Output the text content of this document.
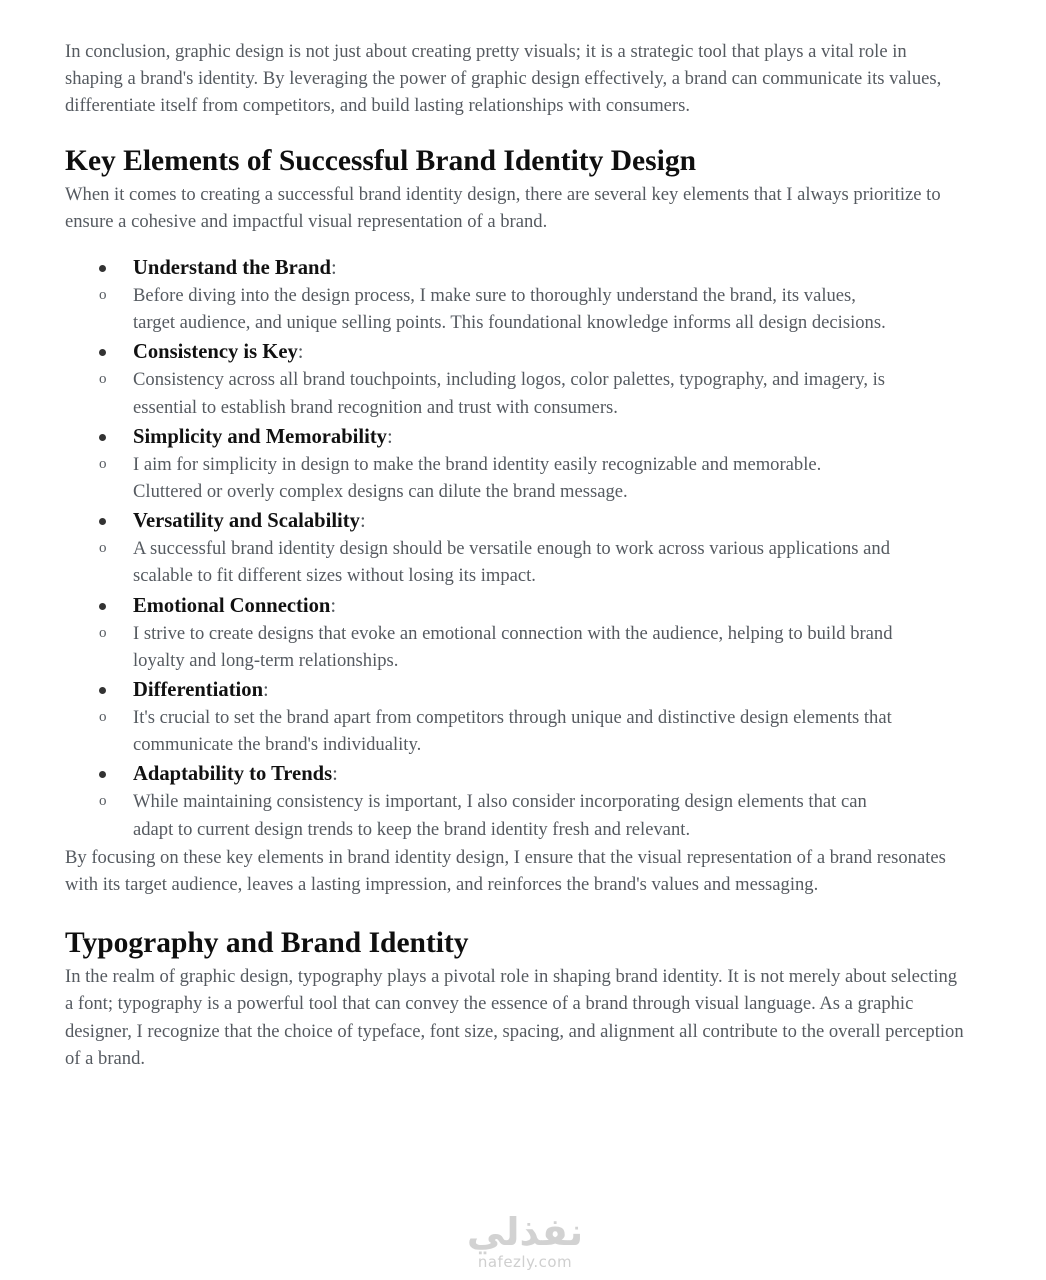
In conclusion, graphic design is not just about creating pretty visuals; it is a strategic tool that plays a vital role in shaping a brand's identity. By leveraging the power of graphic design effectively, a brand can communicate its values, differentiate itself from competitors, and build lasting relationships with consumers.

Key Elements of Successful Brand Identity Design

When it comes to creating a successful brand identity design, there are several key elements that I always prioritize to ensure a cohesive and impactful visual representation of a brand.

Understand the Brand:
o Before diving into the design process, I make sure to thoroughly understand the brand, its values, target audience, and unique selling points. This foundational knowledge informs all design decisions.

Consistency is Key:
o Consistency across all brand touchpoints, including logos, color palettes, typography, and imagery, is essential to establish brand recognition and trust with consumers.

Simplicity and Memorability:
o I aim for simplicity in design to make the brand identity easily recognizable and memorable. Cluttered or overly complex designs can dilute the brand message.

Versatility and Scalability:
o A successful brand identity design should be versatile enough to work across various applications and scalable to fit different sizes without losing its impact.

Emotional Connection:
o I strive to create designs that evoke an emotional connection with the audience, helping to build brand loyalty and long-term relationships.

Differentiation:
o It's crucial to set the brand apart from competitors through unique and distinctive design elements that communicate the brand's individuality.

Adaptability to Trends:
o While maintaining consistency is important, I also consider incorporating design elements that can adapt to current design trends to keep the brand identity fresh and relevant.

By focusing on these key elements in brand identity design, I ensure that the visual representation of a brand resonates with its target audience, leaves a lasting impression, and reinforces the brand's values and messaging.

Typography and Brand Identity

In the realm of graphic design, typography plays a pivotal role in shaping brand identity. It is not merely about selecting a font; typography is a powerful tool that can convey the essence of a brand through visual language. As a graphic designer, I recognize that the choice of typeface, font size, spacing, and alignment all contribute to the overall perception of a brand.

نفذلي
nafezly.com
